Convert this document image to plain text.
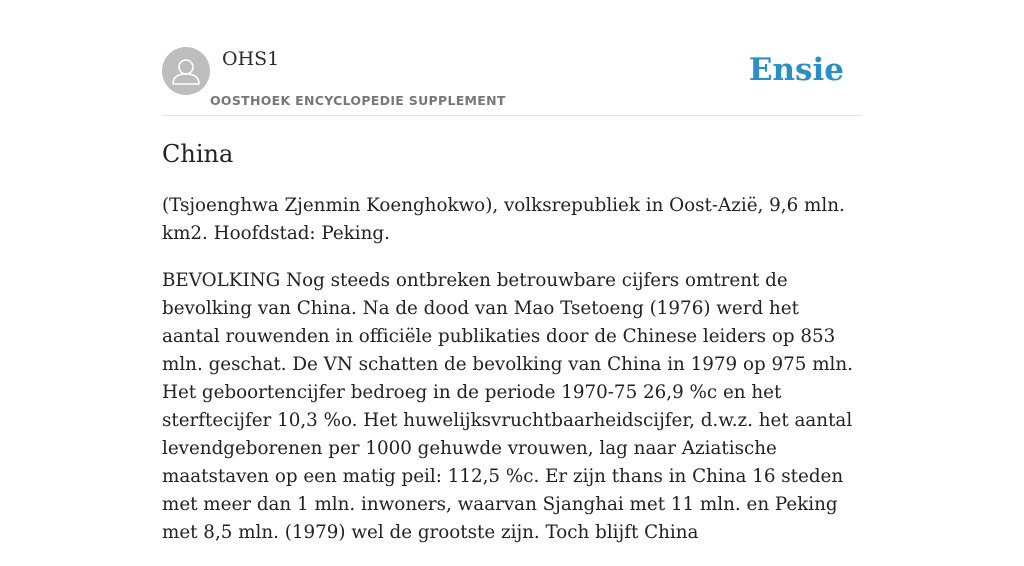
OHS1
OOSTHOEK ENCYCLOPEDIE SUPPLEMENT
Ensie
China

(Tsjoenghwa Zjenmin Koenghokwo), volksrepubliek in Oost-Azië, 9,6 mln. km2. Hoofdstad: Peking.

BEVOLKING Nog steeds ontbreken betrouwbare cijfers omtrent de bevolking van China. Na de dood van Mao Tsetoeng (1976) werd het aantal rouwenden in officiële publikaties door de Chinese leiders op 853 mln. geschat. De VN schatten de bevolking van China in 1979 op 975 mln. Het geboortencijfer bedroeg in de periode 1970-75 26,9 %c en het sterftecijfer 10,3 %o. Het huwelijksvruchtbaarheidscijfer, d.w.z. het aantal levendgeborenen per 1000 gehuwde vrouwen, lag naar Aziatische maatstaven op een matig peil: 112,5 %c. Er zijn thans in China 16 steden met meer dan 1 mln. inwoners, waarvan Sjanghai met 11 mln. en Peking met 8,5 mln. (1979) wel de grootste zijn. Toch blijft China
